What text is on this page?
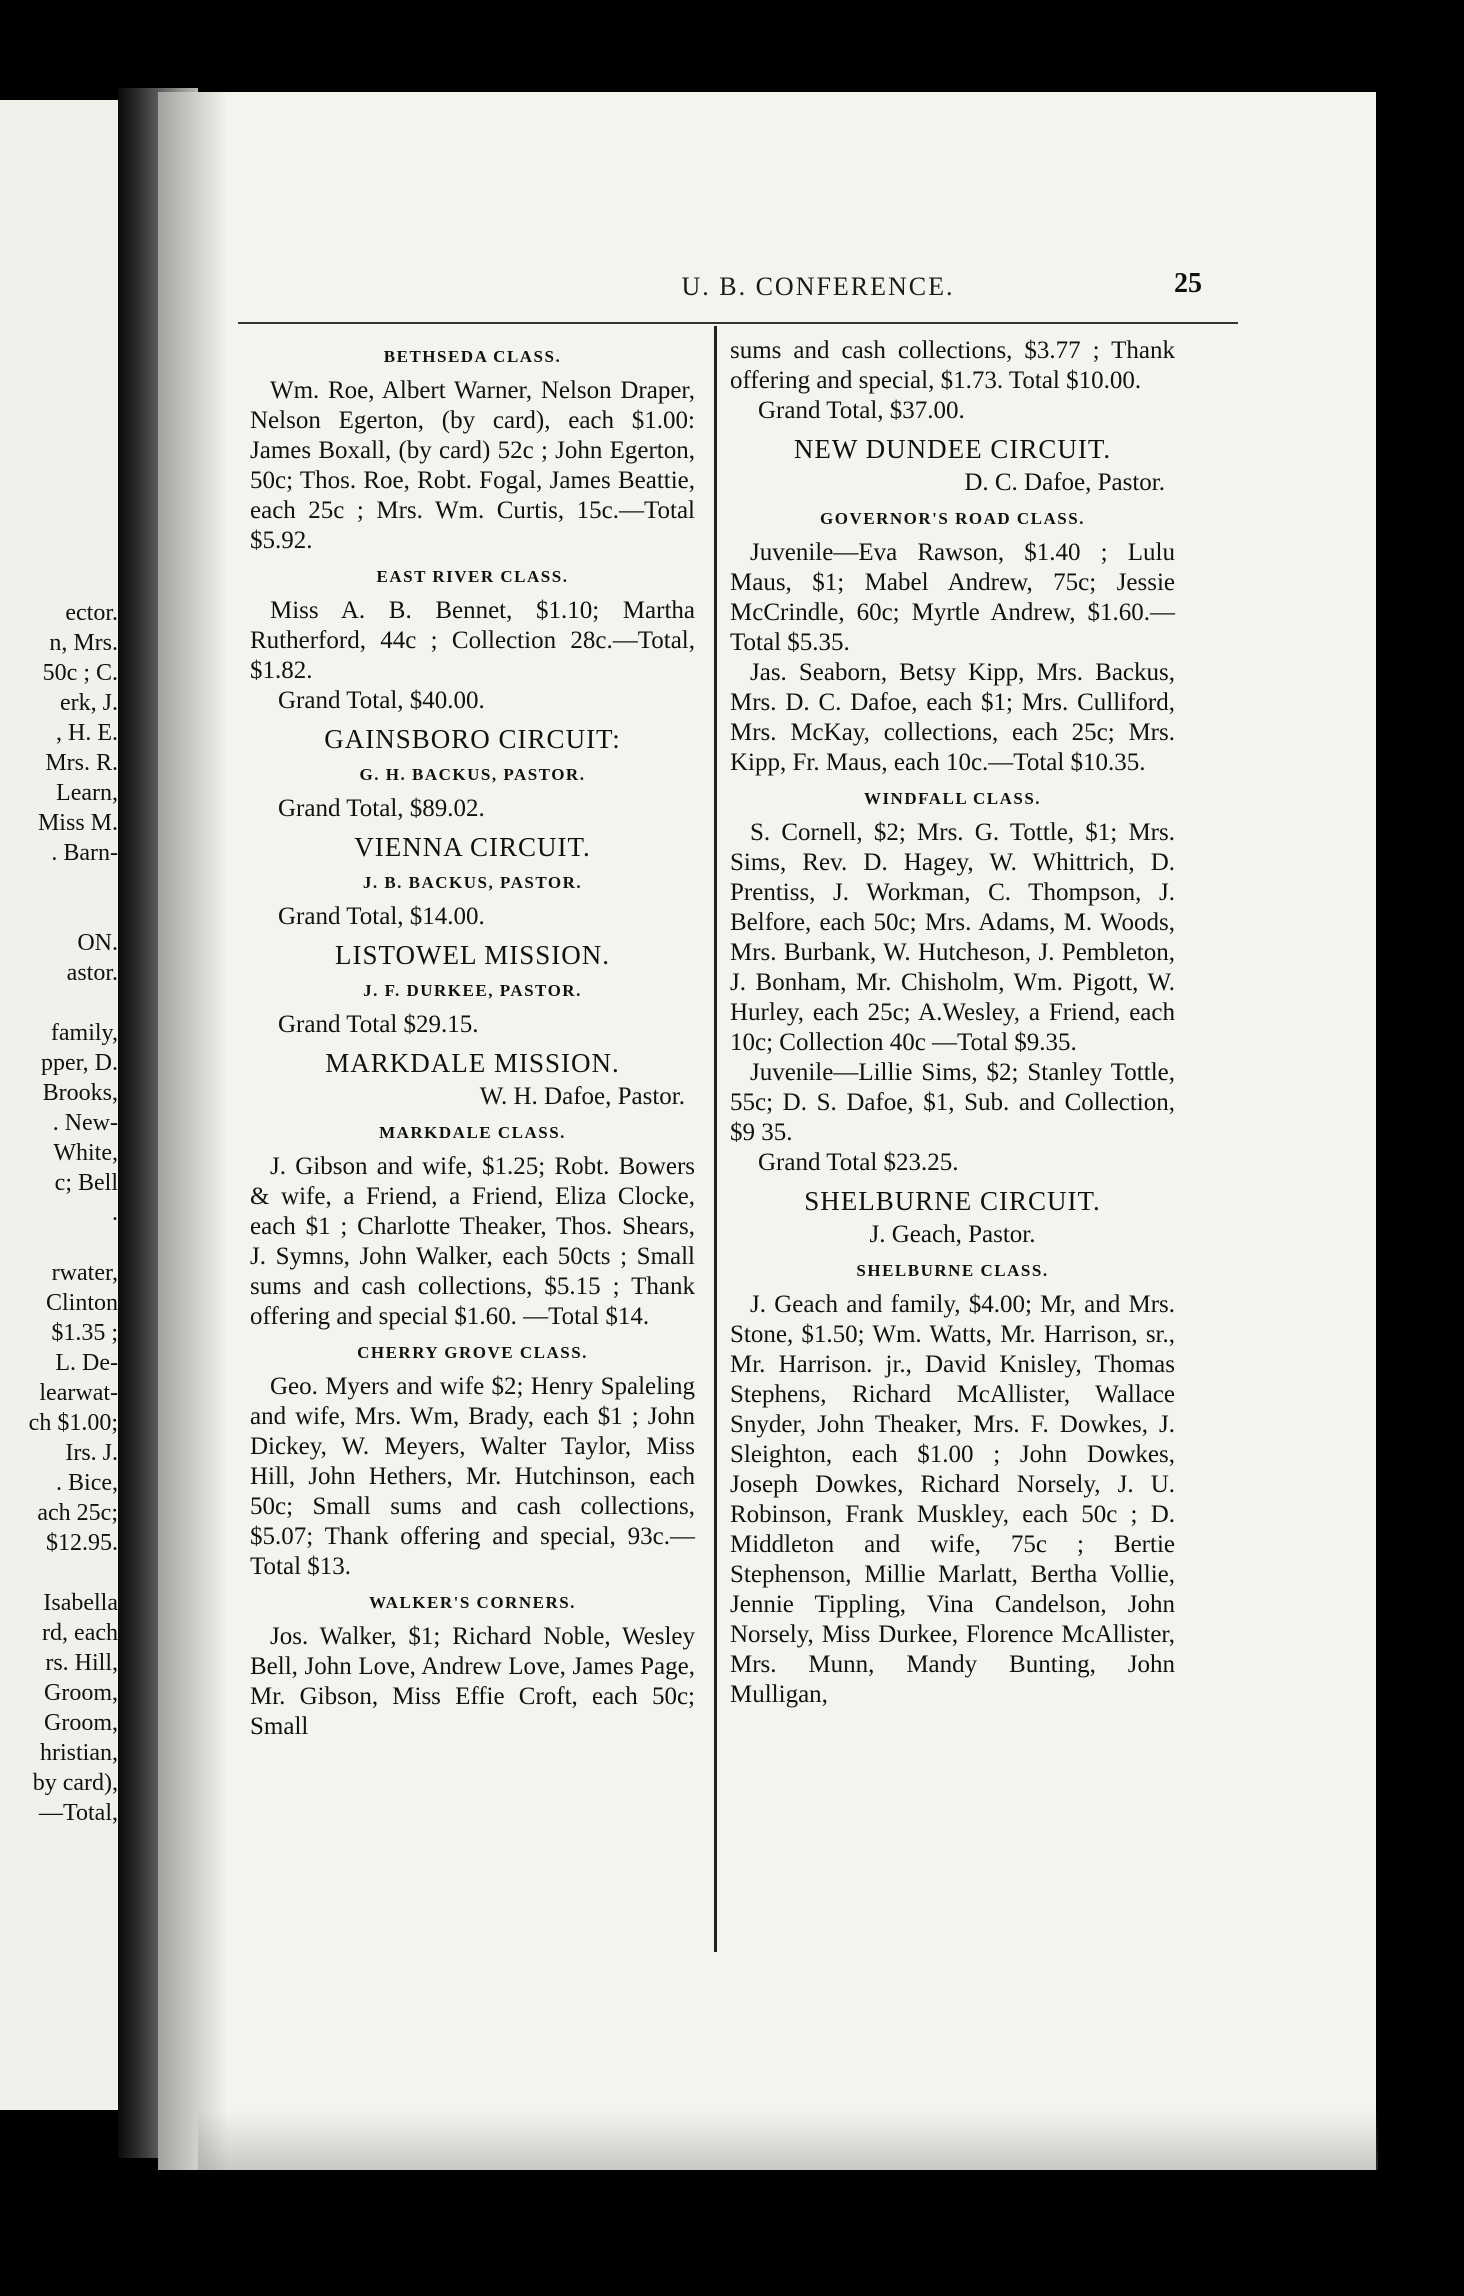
ector.
n, Mrs.
50c ; C.
erk, J.
, H. E.
Mrs. R.
Learn,
Miss M.
. Barn-
ON.
astor.
family,
pper, D.
Brooks,
. New-
White,
c; Bell
.
rwater,
Clinton
$1.35 ;
L. De-
learwat-
ch $1.00;
Irs. J.
. Bice,
ach 25c;
$12.95.
Isabella
rd, each
rs. Hill,
Groom,
Groom,
hristian,
by card),
—Total,
U. B. CONFERENCE.	25
BETHSEDA CLASS.

Wm. Roe, Albert Warner, Nelson Draper, Nelson Egerton, (by card), each $1.00: James Boxall, (by card) 52c ; John Egerton, 50c; Thos. Roe, Robt. Fogal, James Beattie, each 25c ; Mrs. Wm. Curtis, 15c.—Total $5.92.

EAST RIVER CLASS.

Miss A. B. Bennet, $1.10; Martha Rutherford, 44c ; Collection 28c.—Total, $1.82.

Grand Total, $40.00.
GAINSBORO CIRCUIT:
G. H. BACKUS, PASTOR.
Grand Total, $89.02.
VIENNA CIRCUIT.
J. B. BACKUS, PASTOR.
Grand Total, $14.00.
LISTOWEL MISSION.
J. F. DURKEE, PASTOR.
Grand Total $29.15.
MARKDALE MISSION.
W. H. Dafoe, Pastor.
MARKDALE CLASS.

J. Gibson and wife, $1.25; Robt. Bowers & wife, a Friend, a Friend, Eliza Clocke, each $1 ; Charlotte Theaker, Thos. Shears, J. Symns, John Walker, each 50cts ; Small sums and cash collections, $5.15 ; Thank offering and special $1.60. —Total $14.

CHERRY GROVE CLASS.

Geo. Myers and wife $2; Henry Spaleling and wife, Mrs. Wm, Brady, each $1 ; John Dickey, W. Meyers, Walter Taylor, Miss Hill, John Hethers, Mr. Hutchinson, each 50c; Small sums and cash collections, $5.07; Thank offering and special, 93c.—Total $13.

WALKER'S CORNERS.

Jos. Walker, $1; Richard Noble, Wesley Bell, John Love, Andrew Love, James Page, Mr. Gibson, Miss Effie Croft, each 50c; Small

sums and cash collections, $3.77 ; Thank offering and special, $1.73. Total $10.00.

Grand Total, $37.00.
NEW DUNDEE CIRCUIT.
D. C. Dafoe, Pastor.
GOVERNOR'S ROAD CLASS.

Juvenile—Eva Rawson, $1.40 ; Lulu Maus, $1; Mabel Andrew, 75c; Jessie McCrindle, 60c; Myrtle Andrew, $1.60.—Total $5.35.

Jas. Seaborn, Betsy Kipp, Mrs. Backus, Mrs. D. C. Dafoe, each $1; Mrs. Culliford, Mrs. McKay, collections, each 25c; Mrs. Kipp, Fr. Maus, each 10c.—Total $10.35.

WINDFALL CLASS.

S. Cornell, $2; Mrs. G. Tottle, $1; Mrs. Sims, Rev. D. Hagey, W. Whittrich, D. Prentiss, J. Workman, C. Thompson, J. Belfore, each 50c; Mrs. Adams, M. Woods, Mrs. Burbank, W. Hutcheson, J. Pembleton, J. Bonham, Mr. Chisholm, Wm. Pigott, W. Hurley, each 25c; A.Wesley, a Friend, each 10c; Collection 40c —Total $9.35.

Juvenile—Lillie Sims, $2; Stanley Tottle, 55c; D. S. Dafoe, $1, Sub. and Collection, $9 35.

Grand Total $23.25.
SHELBURNE CIRCUIT.
J. Geach, Pastor.
SHELBURNE CLASS.

J. Geach and family, $4.00; Mr, and Mrs. Stone, $1.50; Wm. Watts, Mr. Harrison, sr., Mr. Harrison. jr., David Knisley, Thomas Stephens, Richard McAllister, Wallace Snyder, John Theaker, Mrs. F. Dowkes, J. Sleighton, each $1.00 ; John Dowkes, Joseph Dowkes, Richard Norsely, J. U. Robinson, Frank Muskley, each 50c ; D. Middleton and wife, 75c ; Bertie Stephenson, Millie Marlatt, Bertha Vollie, Jennie Tippling, Vina Candelson, John Norsely, Miss Durkee, Florence McAllister, Mrs. Munn, Mandy Bunting, John Mulligan,
